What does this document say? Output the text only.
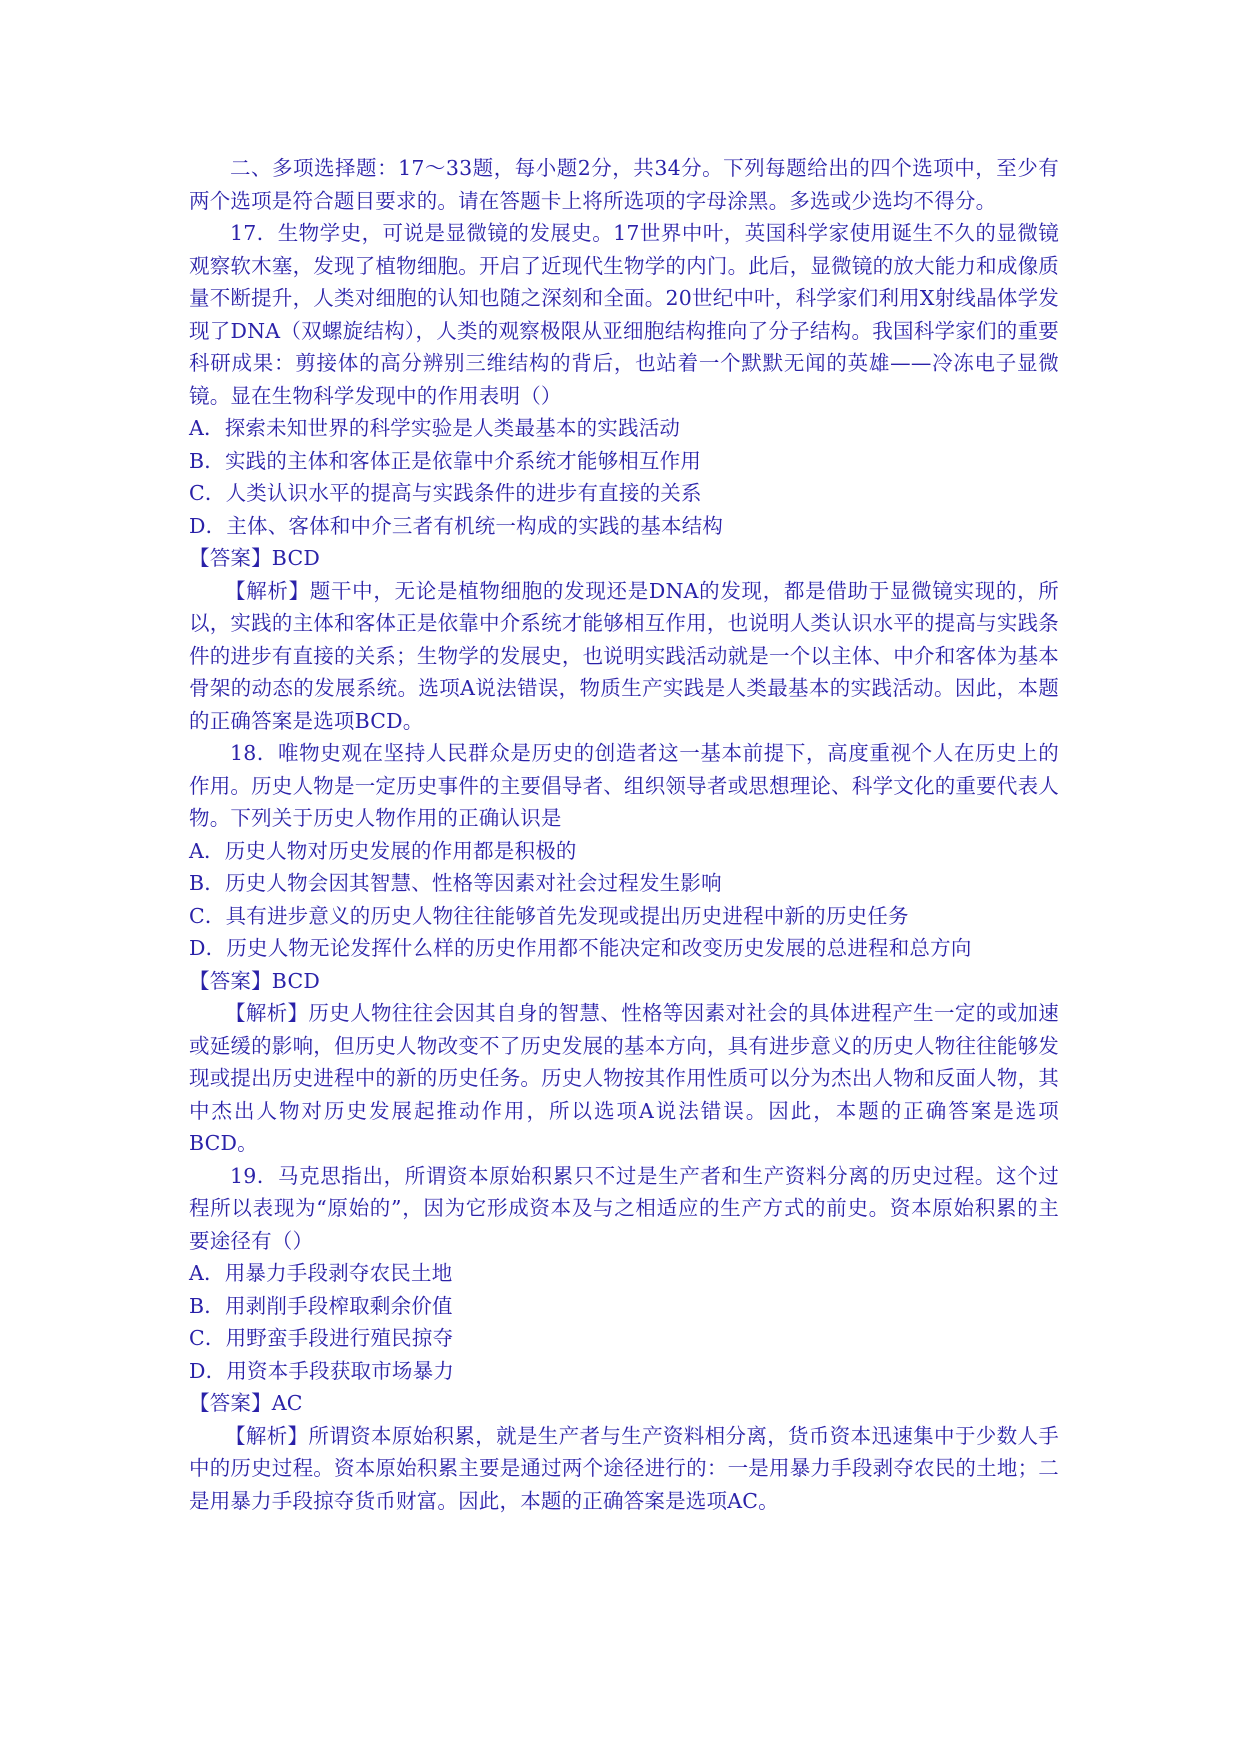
二、多项选择题：17～33题，每小题2分，共34分。下列每题给出的四个选项中，至少有两个选项是符合题目要求的。请在答题卡上将所选项的字母涂黑。多选或少选均不得分。

17．生物学史，可说是显微镜的发展史。17世界中叶，英国科学家使用诞生不久的显微镜观察软木塞，发现了植物细胞。开启了近现代生物学的内门。此后，显微镜的放大能力和成像质量不断提升，人类对细胞的认知也随之深刻和全面。20世纪中叶，科学家们利用X射线晶体学发现了DNA（双螺旋结构），人类的观察极限从亚细胞结构推向了分子结构。我国科学家们的重要科研成果：剪接体的高分辨别三维结构的背后，也站着一个默默无闻的英雄——冷冻电子显微镜。显在生物科学发现中的作用表明（）

A．探索未知世界的科学实验是人类最基本的实践活动

B．实践的主体和客体正是依靠中介系统才能够相互作用

C．人类认识水平的提高与实践条件的进步有直接的关系

D．主体、客体和中介三者有机统一构成的实践的基本结构

【答案】BCD

【解析】题干中，无论是植物细胞的发现还是DNA的发现，都是借助于显微镜实现的，所以，实践的主体和客体正是依靠中介系统才能够相互作用，也说明人类认识水平的提高与实践条件的进步有直接的关系；生物学的发展史，也说明实践活动就是一个以主体、中介和客体为基本骨架的动态的发展系统。选项A说法错误，物质生产实践是人类最基本的实践活动。因此，本题的正确答案是选项BCD。

18．唯物史观在坚持人民群众是历史的创造者这一基本前提下，高度重视个人在历史上的作用。历史人物是一定历史事件的主要倡导者、组织领导者或思想理论、科学文化的重要代表人物。下列关于历史人物作用的正确认识是

A．历史人物对历史发展的作用都是积极的

B．历史人物会因其智慧、性格等因素对社会过程发生影响

C．具有进步意义的历史人物往往能够首先发现或提出历史进程中新的历史任务

D．历史人物无论发挥什么样的历史作用都不能决定和改变历史发展的总进程和总方向

【答案】BCD

【解析】历史人物往往会因其自身的智慧、性格等因素对社会的具体进程产生一定的或加速或延缓的影响，但历史人物改变不了历史发展的基本方向，具有进步意义的历史人物往往能够发现或提出历史进程中的新的历史任务。历史人物按其作用性质可以分为杰出人物和反面人物，其中杰出人物对历史发展起推动作用，所以选项A说法错误。因此，本题的正确答案是选项BCD。

19．马克思指出，所谓资本原始积累只不过是生产者和生产资料分离的历史过程。这个过程所以表现为“原始的”，因为它形成资本及与之相适应的生产方式的前史。资本原始积累的主要途径有（）

A．用暴力手段剥夺农民土地

B．用剥削手段榨取剩余价值

C．用野蛮手段进行殖民掠夺

D．用资本手段获取市场暴力

【答案】AC

【解析】所谓资本原始积累，就是生产者与生产资料相分离，货币资本迅速集中于少数人手中的历史过程。资本原始积累主要是通过两个途径进行的：一是用暴力手段剥夺农民的土地；二是用暴力手段掠夺货币财富。因此，本题的正确答案是选项AC。
